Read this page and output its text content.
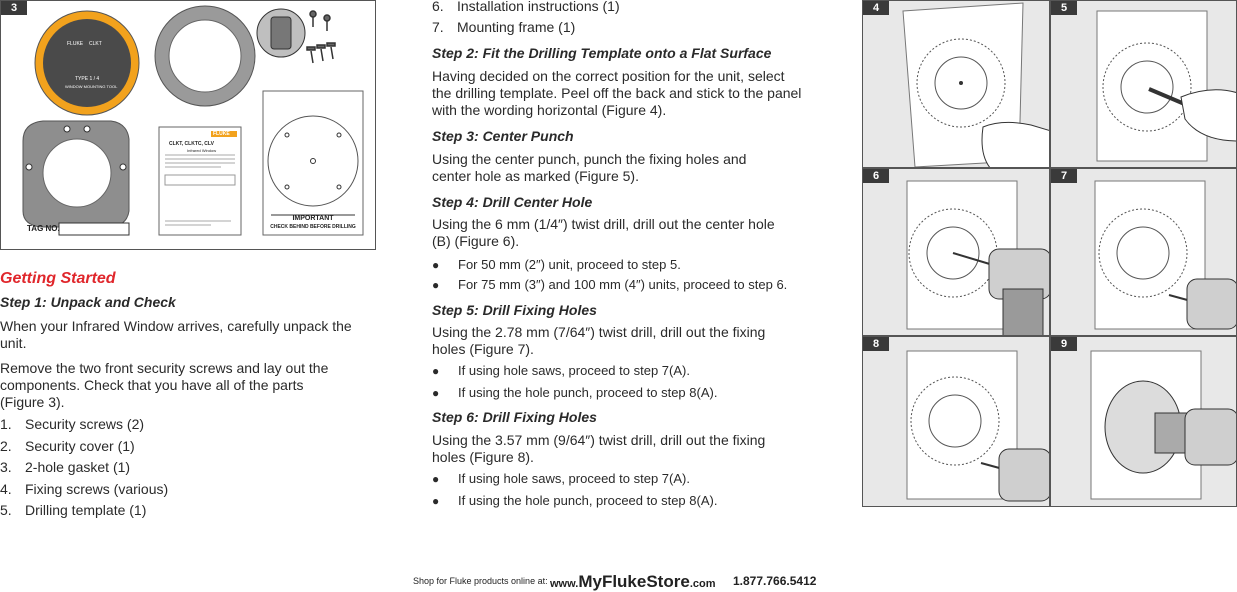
3
FLUKE CLKT
TYPE 1 / 4
WINDOW MOUNTING TOOL
TAG NO.
FLUKE
CLKT, CLKTC, CLV
Infrared Window
IMPORTANT
CHECK BEHIND BEFORE DRILLING
Getting Started
Step 1: Unpack and Check
When your Infrared Window arrives, carefully unpack the unit.
Remove the two front security screws and lay out the components. Check that you have all of the parts (Figure 3).
1. Security screws (2)
2. Security cover (1)
3. 2-hole gasket (1)
4. Fixing screws (various)
5. Drilling template (1)
6. Installation instructions (1)
7. Mounting frame (1)
Step 2: Fit the Drilling Template onto a Flat Surface
Having decided on the correct position for the unit, select the drilling template. Peel off the back and stick to the panel with the wording horizontal (Figure 4).
Step 3: Center Punch
Using the center punch, punch the fixing holes and center hole as marked (Figure 5).
Step 4: Drill Center Hole
Using the 6 mm (1/4″) twist drill, drill out the center hole (B) (Figure 6).
● For 50 mm (2″) unit, proceed to step 5.
● For 75 mm (3″) and 100 mm (4″) units, proceed to step 6.
Step 5: Drill Fixing Holes
Using the 2.78 mm (7/64″) twist drill, drill out the fixing holes (Figure 7).
● If using hole saws, proceed to step 7(A).
● If using the hole punch, proceed to step 8(A).
Step 6: Drill Fixing Holes
Using the 3.57 mm (9/64″) twist drill, drill out the fixing holes (Figure 8).
● If using hole saws, proceed to step 7(A).
● If using the hole punch, proceed to step 8(A).
4	5
6	7
8	9
Shop for Fluke products online at: www.MyFlukeStore.com 1.877.766.5412
